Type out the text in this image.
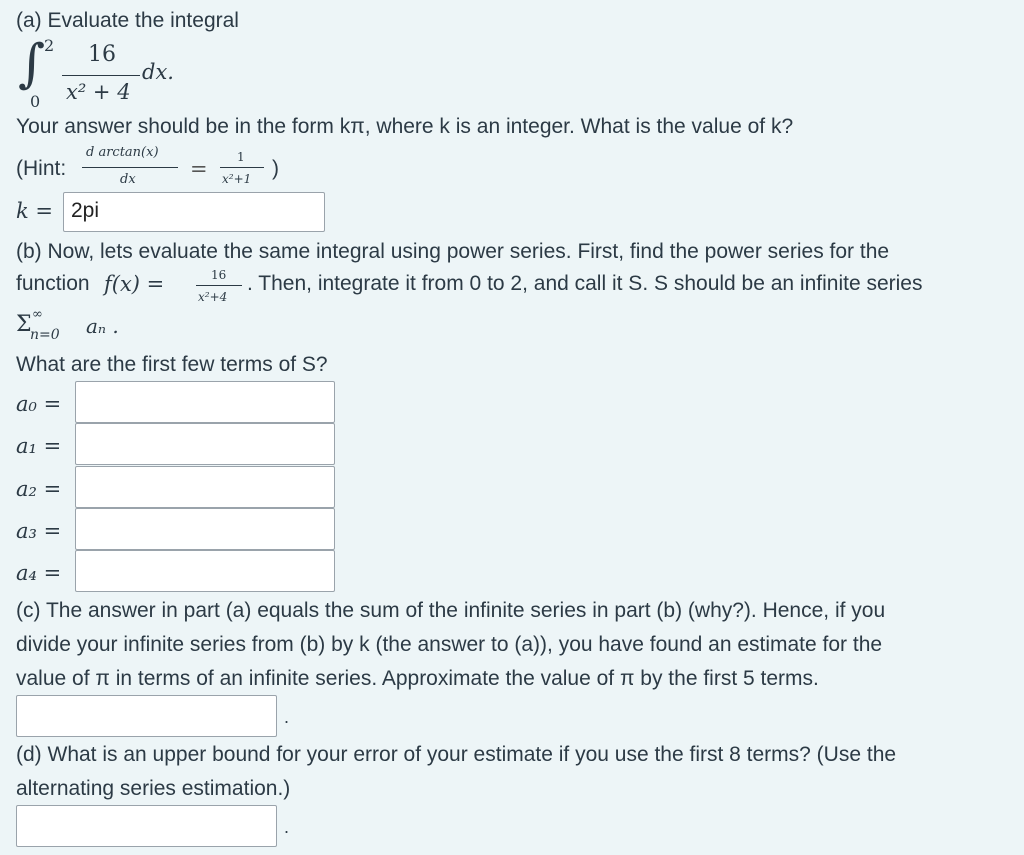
(a) Evaluate the integral
∫
2
0
16
x² + 4
dx.
Your answer should be in the form kπ, where k is an integer. What is the value of k?
(Hint:
d arctan(x)
dx	= 1
x²+1 )
k = 2pi
(b) Now, lets evaluate the same integral using power series. First, find the power series for the
function f(x) =	16
x²+4
. Then, integrate it from 0 to 2, and call it S. S should be an infinite series
Σ ∞
n=0 aₙ .
What are the first few terms of S?
a₀ =
a₁ =
a₂ =
a₃ =
a₄ =
(c) The answer in part (a) equals the sum of the infinite series in part (b) (why?). Hence, if you
divide your infinite series from (b) by k (the answer to (a)), you have found an estimate for the
value of π in terms of an infinite series. Approximate the value of π by the first 5 terms.
.
(d) What is an upper bound for your error of your estimate if you use the first 8 terms? (Use the
alternating series estimation.)
.
